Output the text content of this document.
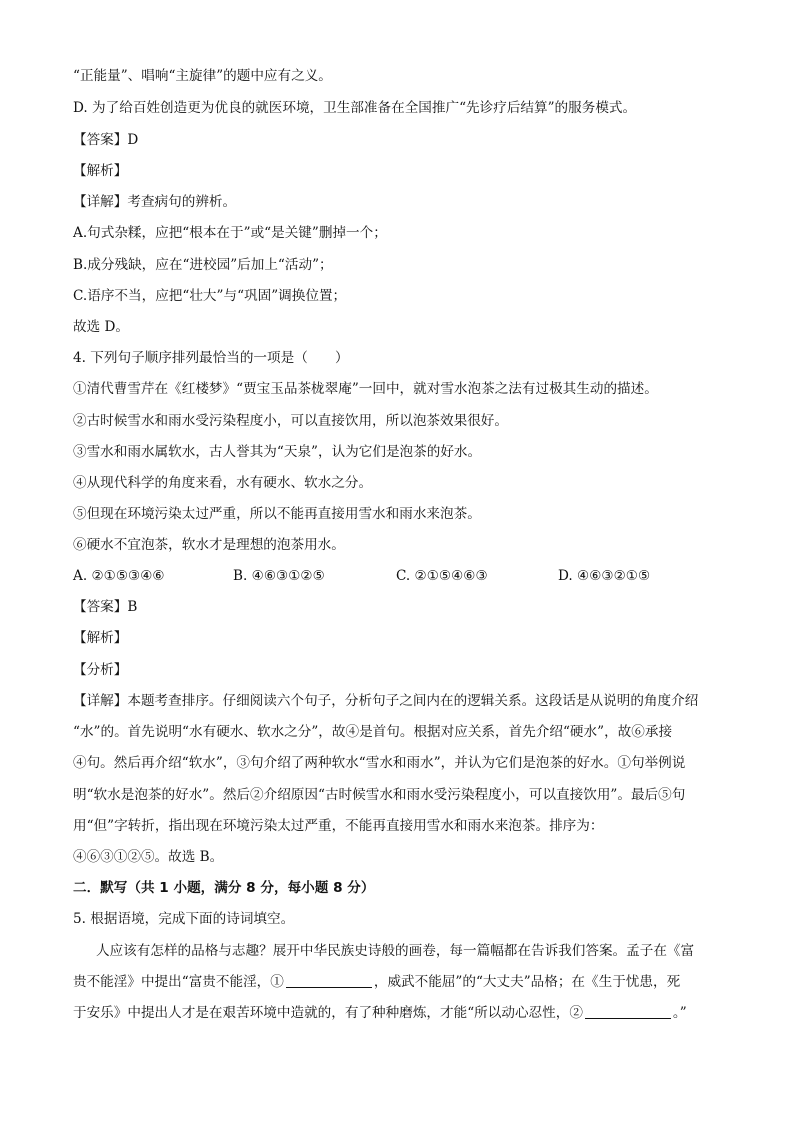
“正能量”、唱响“主旋律”的题中应有之义。
D. 为了给百姓创造更为优良的就医环境，卫生部准备在全国推广“先诊疗后结算”的服务模式。
【答案】D
【解析】
【详解】考查病句的辨析。
A.句式杂糅，应把“根本在于”或“是关键”删掉一个；
B.成分残缺，应在“进校园”后加上“活动”；
C.语序不当，应把“壮大”与“巩固”调换位置；
故选 D。
4. 下列句子顺序排列最恰当的一项是（　　）
①清代曹雪芹在《红楼梦》“贾宝玉品茶栊翠庵”一回中，就对雪水泡茶之法有过极其生动的描述。
②古时候雪水和雨水受污染程度小，可以直接饮用，所以泡茶效果很好。
③雪水和雨水属软水，古人誉其为“天泉”，认为它们是泡茶的好水。
④从现代科学的角度来看，水有硬水、软水之分。
⑤但现在环境污染太过严重，所以不能再直接用雪水和雨水来泡茶。
⑥硬水不宜泡茶，软水才是理想的泡茶用水。
A. ②①⑤③④⑥	B. ④⑥③①②⑤	C. ②①⑤④⑥③	D. ④⑥③②①⑤
【答案】B
【解析】
【分析】
【详解】本题考查排序。仔细阅读六个句子，分析句子之间内在的逻辑关系。这段话是从说明的角度介绍
“水”的。首先说明“水有硬水、软水之分”，故④是首句。根据对应关系，首先介绍“硬水”，故⑥承接
④句。然后再介绍“软水”，③句介绍了两种软水“雪水和雨水”，并认为它们是泡茶的好水。①句举例说
明“软水是泡茶的好水”。然后②介绍原因“古时候雪水和雨水受污染程度小，可以直接饮用”。最后⑤句
用“但”字转折，指出现在环境污染太过严重，不能再直接用雪水和雨水来泡茶。排序为：
④⑥③①②⑤。故选 B。
二．默写（共 1 小题，满分 8 分，每小题 8 分）
5. 根据语境，完成下面的诗词填空。
人应该有怎样的品格与志趣？展开中华民族史诗般的画卷，每一篇幅都在告诉我们答案。孟子在《富
贵不能淫》中提出“富贵不能淫，①	，威武不能屈”的“大丈夫”品格；在《生于忧患，死
于安乐》中提出人才是在艰苦环境中造就的，有了种种磨炼，才能“所以动心忍性，②	。”
